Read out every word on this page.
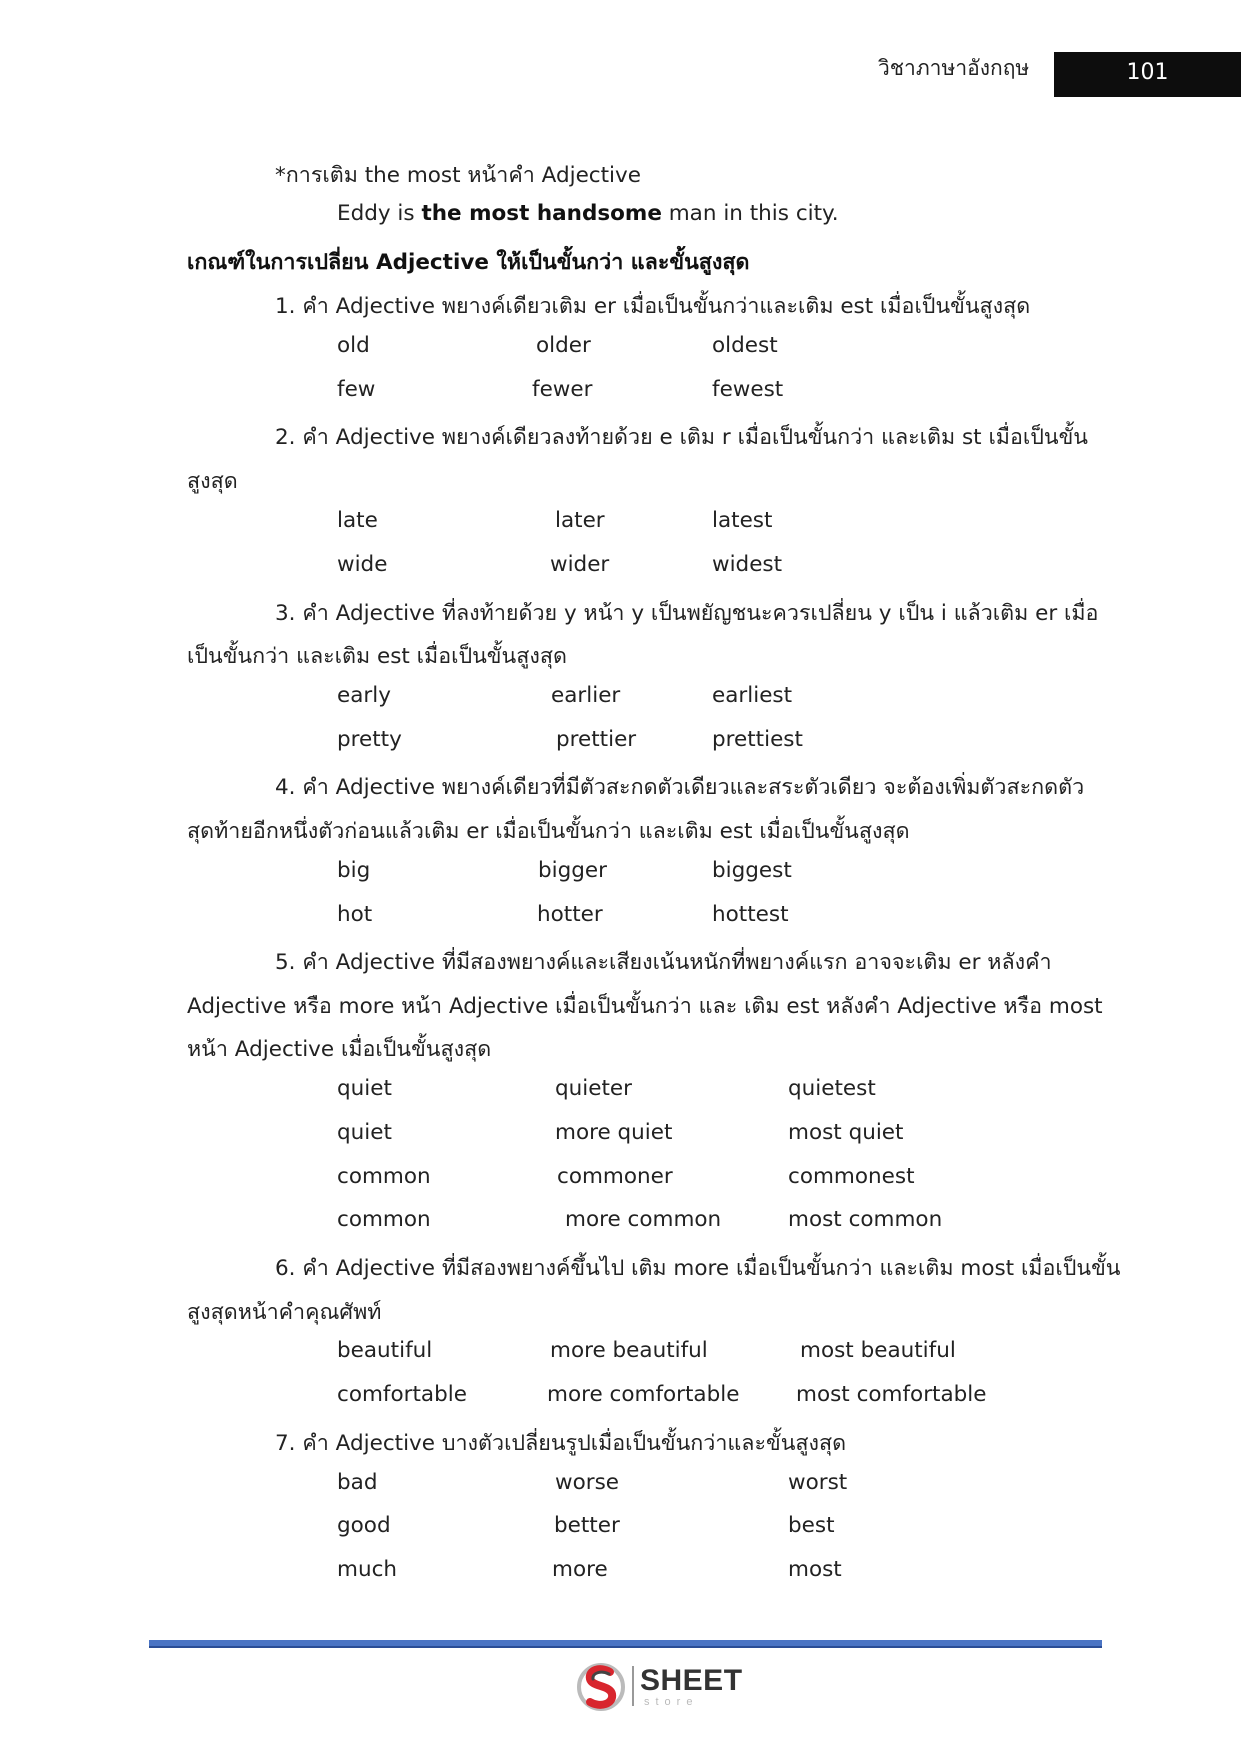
วิชาภาษาอังกฤษ	101
*การเติม the most หน้าคำ Adjective
Eddy is the most handsome man in this city.
เกณฑ์ในการเปลี่ยน Adjective ให้เป็นขั้นกว่า และขั้นสูงสุด
1. คำ Adjective พยางค์เดียวเติม er เมื่อเป็นขั้นกว่าและเติม est เมื่อเป็นขั้นสูงสุด
old	older	oldest
few	fewer	fewest
2. คำ Adjective พยางค์เดียวลงท้ายด้วย e เติม r เมื่อเป็นขั้นกว่า และเติม st เมื่อเป็นขั้น
สูงสุด
late	later	latest
wide	wider	widest
3. คำ Adjective ที่ลงท้ายด้วย y หน้า y เป็นพยัญชนะควรเปลี่ยน y เป็น i แล้วเติม er เมื่อ
เป็นขั้นกว่า และเติม est เมื่อเป็นขั้นสูงสุด
early	earlier	earliest
pretty	prettier	prettiest
4. คำ Adjective พยางค์เดียวที่มีตัวสะกดตัวเดียวและสระตัวเดียว จะต้องเพิ่มตัวสะกดตัว
สุดท้ายอีกหนึ่งตัวก่อนแล้วเติม er เมื่อเป็นขั้นกว่า และเติม est เมื่อเป็นขั้นสูงสุด
big	bigger	biggest
hot	hotter	hottest
5. คำ Adjective ที่มีสองพยางค์และเสียงเน้นหนักที่พยางค์แรก อาจจะเติม er หลังคำ
Adjective หรือ more หน้า Adjective เมื่อเป็นขั้นกว่า และ เติม est หลังคำ Adjective หรือ most
หน้า Adjective เมื่อเป็นขั้นสูงสุด
quiet	quieter	quietest
quiet	more quiet	most quiet
common	commoner	commonest
common	more common	most common
6. คำ Adjective ที่มีสองพยางค์ขึ้นไป เติม more เมื่อเป็นขั้นกว่า และเติม most เมื่อเป็นขั้น
สูงสุดหน้าคำคุณศัพท์
beautiful	more beautiful	most beautiful
comfortable	more comfortable	most comfortable
7. คำ Adjective บางตัวเปลี่ยนรูปเมื่อเป็นขั้นกว่าและขั้นสูงสุด
bad	worse	worst
good	better	best
much	more	most
SHEET
store
